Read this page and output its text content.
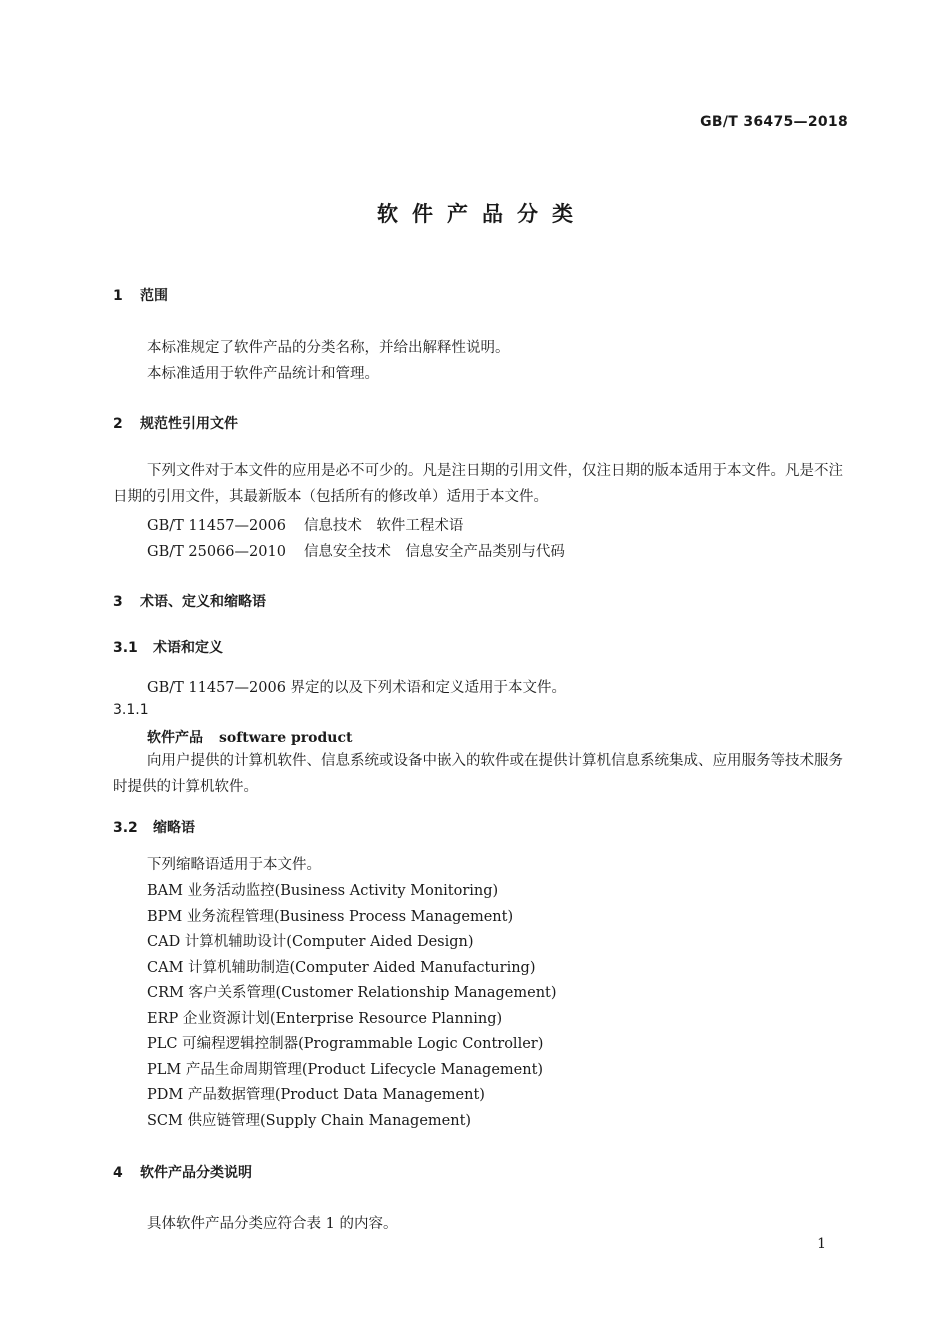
GB/T 36475—2018
软件产品分类
1 范围
本标准规定了软件产品的分类名称，并给出解释性说明。
本标准适用于软件产品统计和管理。
2 规范性引用文件
下列文件对于本文件的应用是必不可少的。凡是注日期的引用文件，仅注日期的版本适用于本文件。凡是不注日期的引用文件，其最新版本（包括所有的修改单）适用于本文件。
GB/T 11457—2006 信息技术　软件工程术语
GB/T 25066—2010 信息安全技术　信息安全产品类别与代码
3 术语、定义和缩略语
3.1 术语和定义
GB/T 11457—2006 界定的以及下列术语和定义适用于本文件。
3.1.1
软件产品 software product
向用户提供的计算机软件、信息系统或设备中嵌入的软件或在提供计算机信息系统集成、应用服务等技术服务时提供的计算机软件。
3.2 缩略语
下列缩略语适用于本文件。
BAM 业务活动监控(Business Activity Monitoring)
BPM 业务流程管理(Business Process Management)
CAD 计算机辅助设计(Computer Aided Design)
CAM 计算机辅助制造(Computer Aided Manufacturing)
CRM 客户关系管理(Customer Relationship Management)
ERP 企业资源计划(Enterprise Resource Planning)
PLC 可编程逻辑控制器(Programmable Logic Controller)
PLM 产品生命周期管理(Product Lifecycle Management)
PDM 产品数据管理(Product Data Management)
SCM 供应链管理(Supply Chain Management)
4 软件产品分类说明
具体软件产品分类应符合表 1 的内容。
1
